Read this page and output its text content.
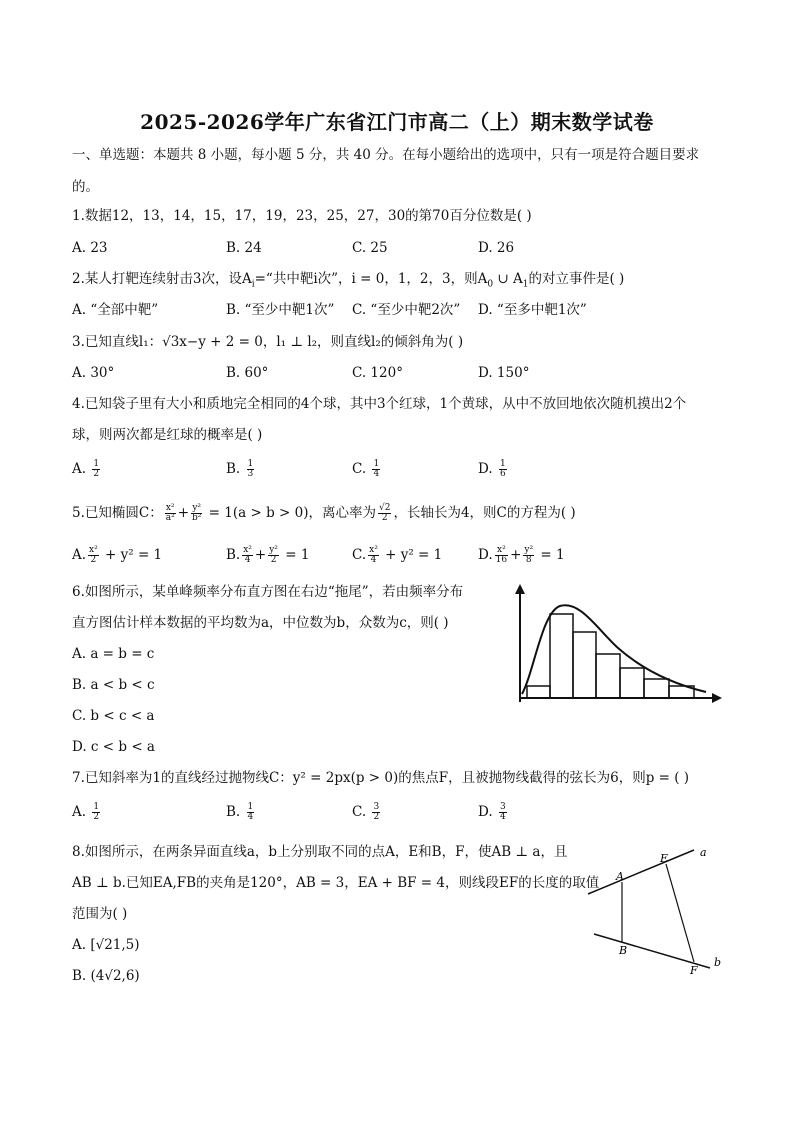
2025-2026学年广东省江门市高二（上）期末数学试卷
一、单选题：本题共 8 小题，每小题 5 分，共 40 分。在每小题给出的选项中，只有一项是符合题目要求
的。
1.数据12，13，14，15，17，19，23，25，27，30的第70百分位数是( )
A. 23	B. 24	C. 25	D. 26
2.某人打靶连续射击3次，设$A_i=“$共中靶i次”，i = 0，1，2，3，则$A_0$ ∪ $A_1$的对立事件是( )
A. “全部中靶”	B. “至少中靶1次” C. “至少中靶2次” D. “至多中靶1次”
3.已知直线l₁：√3x−y + 2 = 0，l₁ ⊥ l₂，则直线l₂的倾斜角为( )
A. 30°	B. 60°	C. 120°	D. 150°
4.已知袋子里有大小和质地完全相同的4个球，其中3个红球，1个黄球，从中不放回地依次随机摸出2个
球，则两次都是红球的概率是( )
A. $\frac{1}{2}$	B. $\frac{1}{3}$	C. $\frac{1}{4}$	D. $\frac{1}{6}$
5.已知椭圆C： $\frac{\text{x²}}{\text{a²}} + \frac{\text{y²}}{\text{b²}} = 1(a > b > 0)$，离心率为 $\frac{√2}{2}$ ，长轴长为4，则C的方程为( )
A. $\frac{\text{x²}}{2} + y^2 = 1$	B. $\frac{\text{x²}}{4} + \frac{\text{y²}}{2} = 1$	C. $\frac{\text{x²}}{4} + y^2 = 1$	D. $\frac{\text{x²}}{16} + \frac{\text{y²}}{8} = 1$
6.如图所示，某单峰频率分布直方图在右边“拖尾”，若由频率分布
直方图估计样本数据的平均数为a，中位数为b，众数为c，则( )
A. a = b = c
B. a < b < c
C. b < c < a
D. c < b < a
7.已知斜率为1的直线经过抛物线C：y² = 2px(p > 0)的焦点F，且被抛物线截得的弦长为6，则p = ( )
A. $\frac{1}{2}$	B. $\frac{1}{4}$	C. $\frac{3}{2}$	D. $\frac{3}{4}$
8.如图所示，在两条异面直线a，b上分别取不同的点A，E和B，F，使AB ⊥ a，且
AB ⊥ b.已知EA,FB的夹角是120°，AB = 3，EA + BF = 4，则线段EF的长度的取值
范围为( )
A. [√21,5)
B. (4√2,6)
a
b
A
B
E
F
